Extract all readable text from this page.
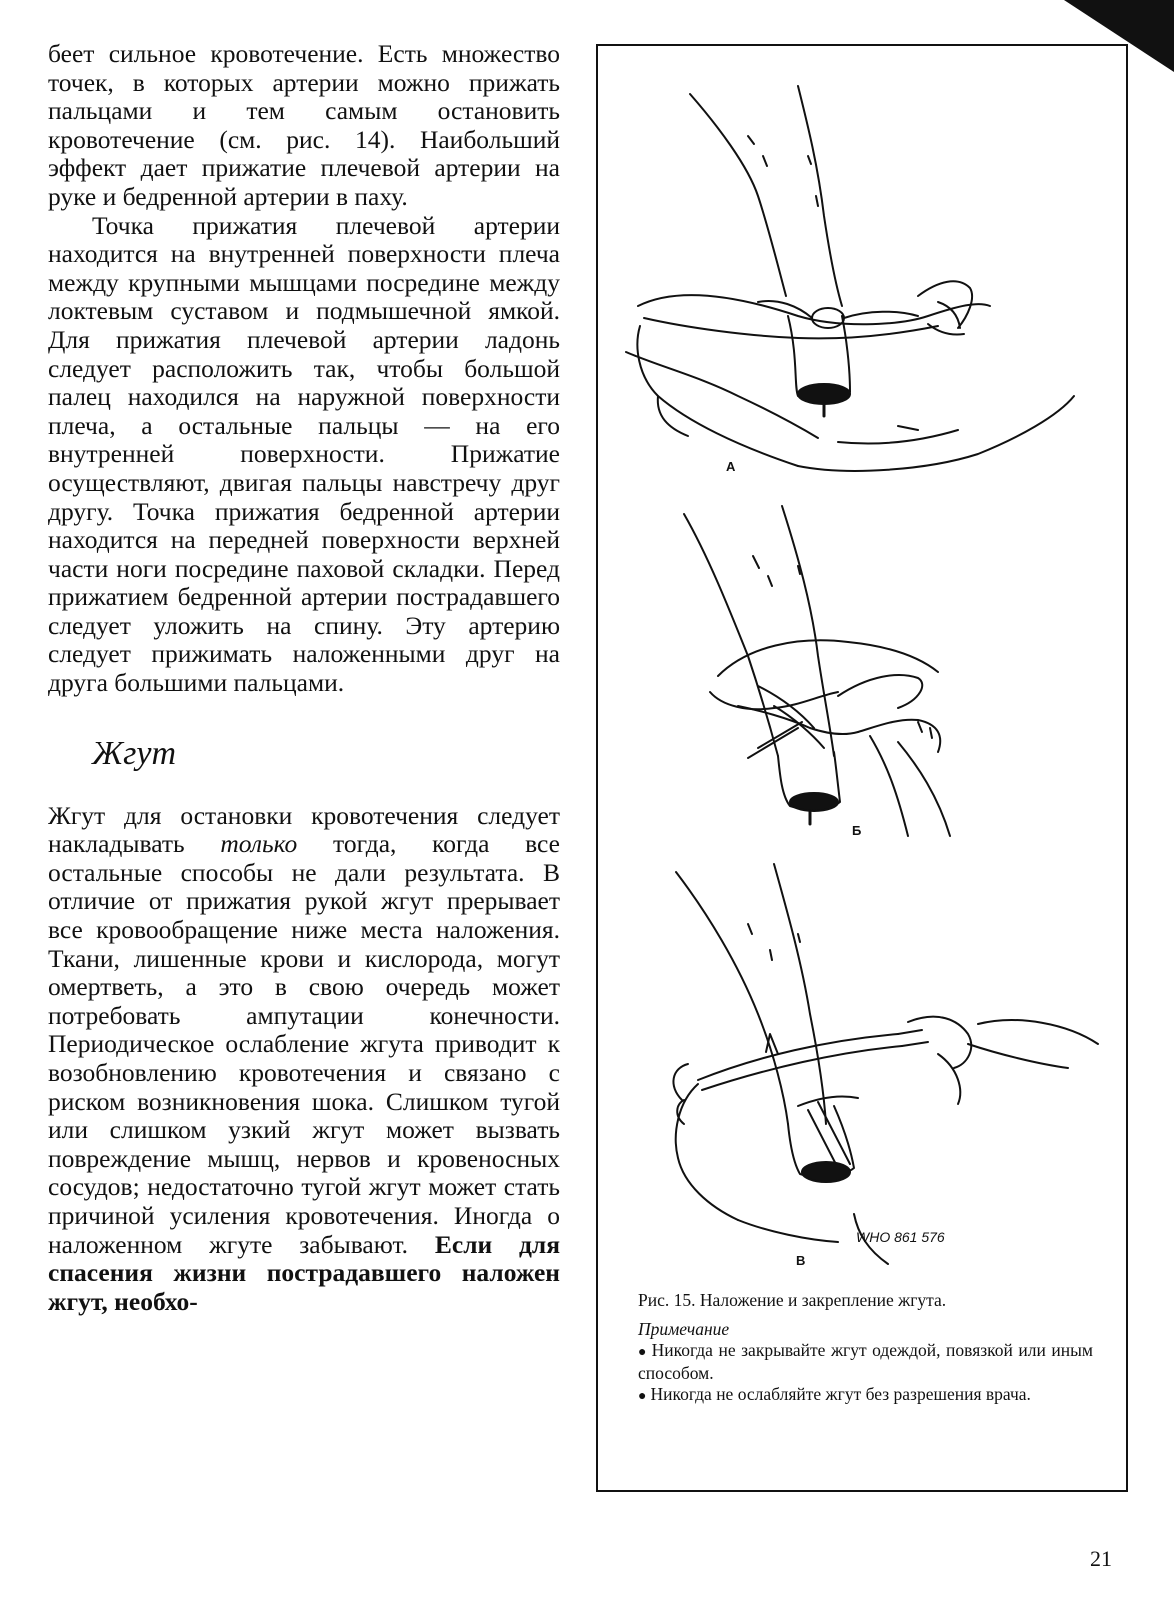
беет сильное кровотечение. Есть множество точек, в которых артерии можно прижать пальцами и тем самым остановить кровотечение (см. рис. 14). Наибольший эффект дает прижатие плечевой артерии на руке и бедренной артерии в паху.

Точка прижатия плечевой артерии находится на внутренней поверхности плеча между крупными мышцами посредине между локтевым суставом и подмышечной ямкой. Для прижатия плечевой артерии ладонь следует расположить так, чтобы большой палец находился на наружной поверхности плеча, а остальные пальцы — на его внутренней поверхности. Прижатие осуществляют, двигая пальцы навстречу друг другу. Точка прижатия бедренной артерии находится на передней поверхности верхней части ноги посредине паховой складки. Перед прижатием бедренной артерии пострадавшего следует уложить на спину. Эту артерию следует прижимать наложенными друг на друга большими пальцами.

Жгут

Жгут для остановки кровотечения следует накладывать только тогда, когда все остальные способы не дали результата. В отличие от прижатия рукой жгут прерывает все кровообращение ниже места наложения. Ткани, лишенные крови и кислорода, могут омертветь, а это в свою очередь может потребовать ампутации конечности. Периодическое ослабление жгута приводит к возобновлению кровотечения и связано с риском возникновения шока. Слишком тугой или слишком узкий жгут может вызвать повреждение мышц, нервов и кровеносных сосудов; недостаточно тугой жгут может стать причиной усиления кровотечения. Иногда о наложенном жгуте забывают. Если для спасения жизни пострадавшего наложен жгут, необхо-

А
Б
WHO 861 576
В

Рис. 15. Наложение и закрепление жгута.

Примечание

● Никогда не закрывайте жгут одеждой, повязкой или иным способом.

● Никогда не ослабляйте жгут без разрешения врача.

21
